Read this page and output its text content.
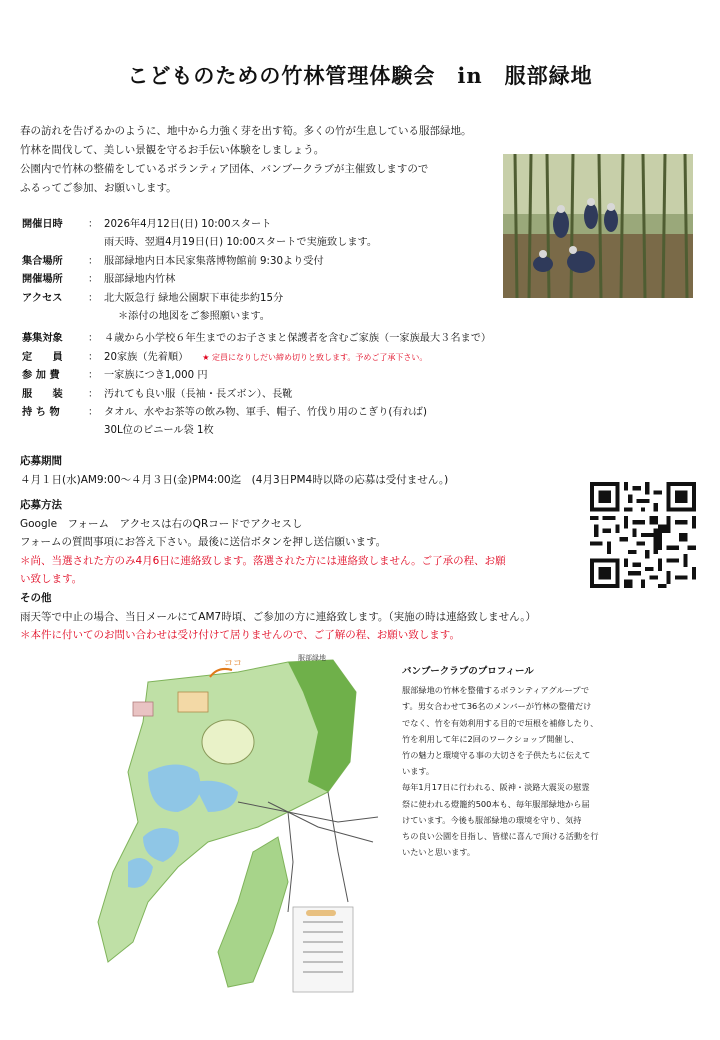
こどものための竹林管理体験会　in　服部緑地
春の訪れを告げるかのように、地中から力強く芽を出す筍。多くの竹が生息している服部緑地。
竹林を間伐して、美しい景観を守るお手伝い体験をしましょう。
公園内で竹林の整備をしているボランティア団体、バンブークラブが主催致しますので
ふるってご参加、お願いします。
開催日時	： 2026年4月12日(日) 10:00スタート
雨天時、翌週4月19日(日) 10:00スタートで実施致します。
集合場所	： 服部緑地内日本民家集落博物館前 9:30より受付
開催場所	： 服部緑地内竹林
アクセス	： 北大阪急行 緑地公園駅下車徒歩約15分
＊添付の地図をご参照願います。
募集対象	： ４歳から小学校６年生までのお子さまと保護者を含むご家族（一家族最大３名まで）
定　　員	： 20家族（先着順） ★ 定員になりしだい締め切りと致します。予めご了承下さい。
参 加 費	： 一家族につき1,000 円
服　　装	： 汚れても良い服（長袖・長ズボン）、長靴
持 ち 物	： タオル、水やお茶等の飲み物、軍手、帽子、竹伐り用のこぎり(有れば)
30L位のビニール袋 1枚
応募期間
４月１日(水)AM9:00～４月３日(金)PM4:00迄　(4月3日PM4時以降の応募は受付ません。)
応募方法
Google　フォーム　アクセスは右のQRコードでアクセスし
フォームの質問事項にお答え下さい。最後に送信ボタンを押し送信願います。
＊尚、当選された方のみ4月6日に連絡致します。落選された方には連絡致しません。ご了承の程、お願
い致します。
その他
雨天等で中止の場合、当日メールにてAM7時頃、ご参加の方に連絡致します。（実施の時は連絡致しません。）
＊本件に付いてのお問い合わせは受け付けて居りませんので、ご了解の程、お願い致します。
ココ
服部緑地
バンブークラブのプロフィール
服部緑地の竹林を整備するボランティアグループで
す。男女合わせて36名のメンバーが竹林の整備だけ
でなく、竹を有効利用する目的で垣根を補修したり、
竹を利用して年に2回のワークショップ開催し、
竹の魅力と環境守る事の大切さを子供たちに伝えて
います。
毎年1月17日に行われる、阪神・淡路大震災の慰霊
祭に使われる燈籠約500本も、毎年服部緑地から届
けています。今後も服部緑地の環境を守り、気持
ちの良い公園を目指し、皆様に喜んで頂ける活動を行
いたいと思います。
